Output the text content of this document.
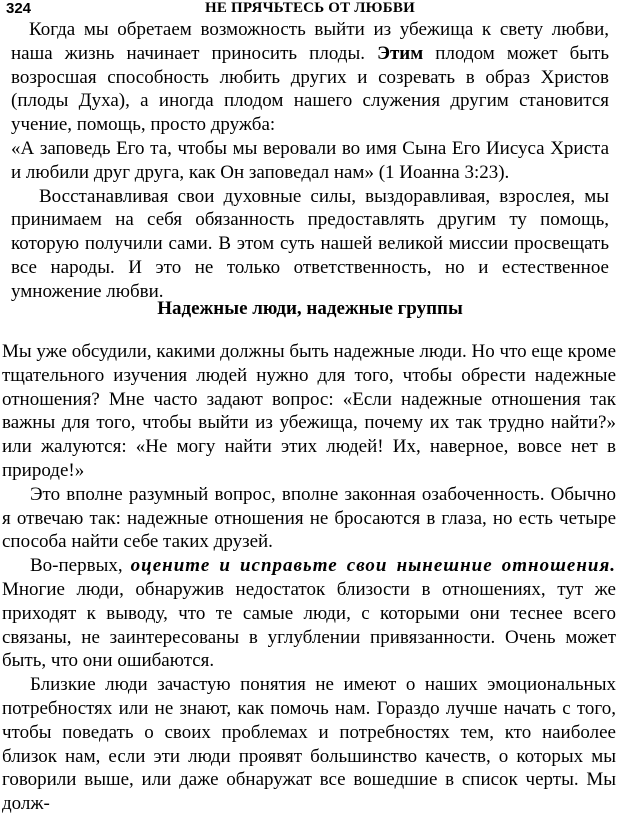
324	НЕ ПРЯЧЬТЕСЬ ОТ ЛЮБВИ

Когда мы обретаем возможность выйти из убежища к свету любви, наша жизнь начинает приносить плоды. Этим плодом может быть возросшая способность любить других и созревать в образ Христов (плоды Духа), а иногда плодом нашего служения другим становится учение, помощь, просто дружба:

«А заповедь Его та, чтобы мы веровали во имя Сына Его Иисуса Христа и любили друг друга, как Он заповедал нам» (1 Иоанна 3:23).

Восстанавливая свои духовные силы, выздоравливая, взрослея, мы принимаем на себя обязанность предоставлять другим ту помощь, которую получили сами. В этом суть нашей великой миссии просвещать все народы. И это не только ответственность, но и естественное умножение любви.

Надежные люди, надежные группы

Мы уже обсудили, какими должны быть надежные люди. Но что еще кроме тщательного изучения людей нужно для того, чтобы обрести надежные отношения? Мне часто задают вопрос: «Если надежные отношения так важны для того, чтобы выйти из убежища, почему их так трудно найти?» или жалуются: «Не могу найти этих людей! Их, наверное, вовсе нет в природе!»

Это вполне разумный вопрос, вполне законная озабоченность. Обычно я отвечаю так: надежные отношения не бросаются в глаза, но есть четыре способа найти себе таких друзей.

Во-первых, оцените и исправьте свои нынешние отношения. Многие люди, обнаружив недостаток близости в отношениях, тут же приходят к выводу, что те самые люди, с которыми они теснее всего связаны, не заинтересованы в углублении привязанности. Очень может быть, что они ошибаются.

Близкие люди зачастую понятия не имеют о наших эмоциональных потребностях или не знают, как помочь нам. Гораздо лучше начать с того, чтобы поведать о своих проблемах и потребностях тем, кто наиболее близок нам, если эти люди проявят большинство качеств, о которых мы говорили выше, или даже обнаружат все вошедшие в список черты. Мы долж-
